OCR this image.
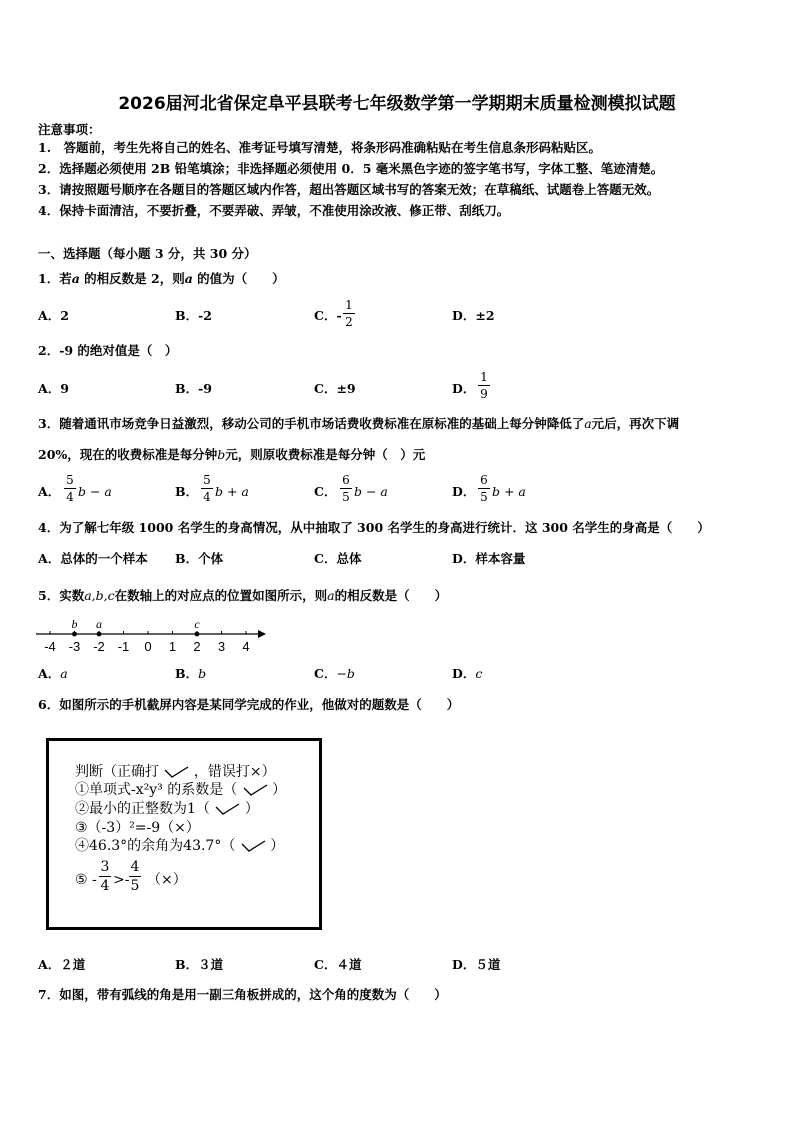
2026届河北省保定阜平县联考七年级数学第一学期期末质量检测模拟试题
注意事项：
1.　答题前，考生先将自己的姓名、准考证号填写清楚，将条形码准确粘贴在考生信息条形码粘贴区。
2．选择题必须使用 2B 铅笔填涂；非选择题必须使用 0．5 毫米黑色字迹的签字笔书写，字体工整、笔迹清楚。
3．请按照题号顺序在各题目的答题区域内作答，超出答题区域书写的答案无效；在草稿纸、试题卷上答题无效。
4．保持卡面清洁，不要折叠，不要弄破、弄皱，不准使用涂改液、修正带、刮纸刀。
一、选择题（每小题 3 分，共 30 分）
1．若a 的相反数是 2，则a 的值为（　　）
A．2	B．-2	C．-
1
2	D．±2
2．-9 的绝对值是（　）
A．9	B．-9	C．±9	D．
1
9
3．随着通讯市场竞争日益激烈，移动公司的手机市场话费收费标准在原标准的基础上每分钟降低了a元后，再次下调
20%，现在的收费标准是每分钟b元，则原收费标准是每分钟（　）元
A．
5
4 b − a	B．
5
4 b + a	C．
6
5 b − a	D．
6
5 b + a
4．为了解七年级 1000 名学生的身高情况，从中抽取了 300 名学生的身高进行统计．这 300 名学生的身高是（　　）
A．总体的一个样本 B．个体	C．总体	D．样本容量
5．实数a,b,c在数轴上的对应点的位置如图所示，则a的相反数是（　　）
-4 -3 -2 -1 0 1 2 3 4
b a	c
A．a	B．b	C．−b	D．c
6．如图所示的手机截屏内容是某同学完成的作业，他做对的题数是（　　）
判断（正确打 ，错误打×）
①单项式-x²y³ 的系数是（ ）
②最小的正整数为1（ ）
③（-3）²=-9（×）
④46.3°的余角为43.7°（ ）
⑤ -
3
4 >-
4
5 （×）
A．２道	B．３道	C．４道	D．５道
7．如图，带有弧线的角是用一副三角板拼成的，这个角的度数为（　　）
